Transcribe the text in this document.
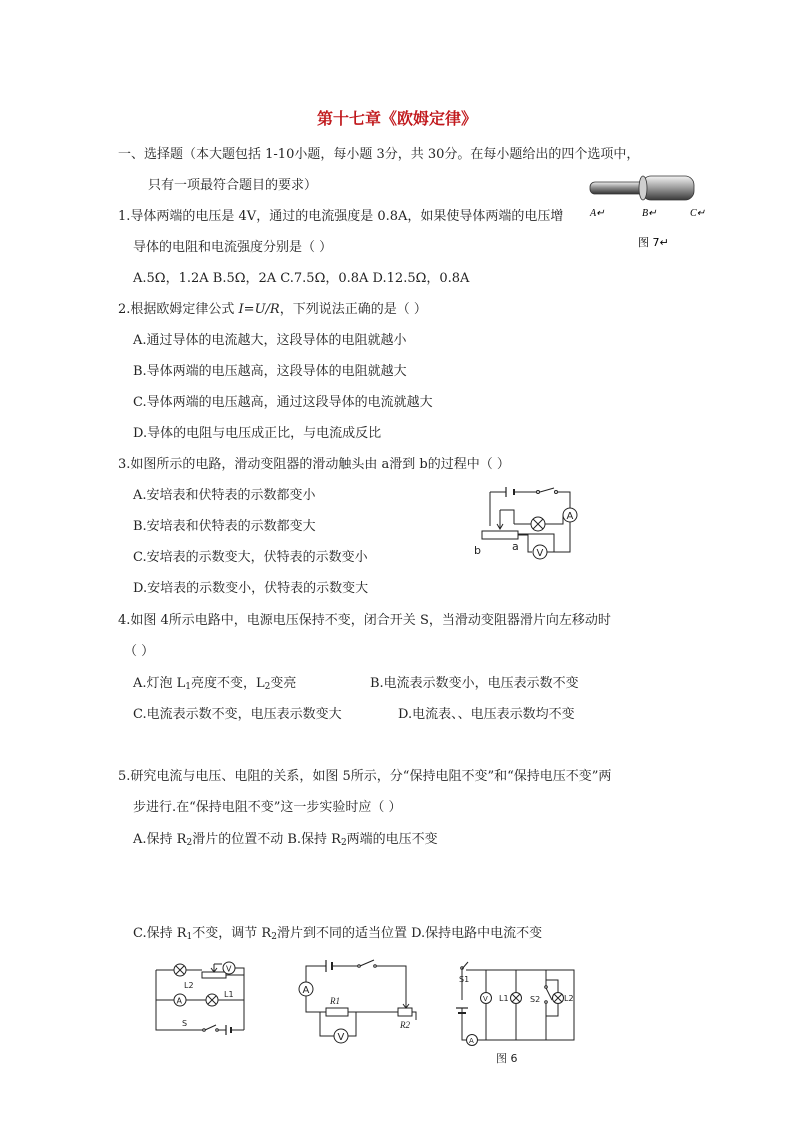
第十七章《欧姆定律》
一、选择题（本大题包括 1-10小题，每小题 3分，共 30分。在每小题给出的四个选项中，
只有一项最符合题目的要求）
A↵	B↵	C↵
图 7↵
1.导体两端的电压是 4V，通过的电流强度是 0.8A，如果使导体两端的电压增
导体的电阻和电流强度分别是（ ）
A.5Ω，1.2A B.5Ω，2A C.7.5Ω，0.8A D.12.5Ω，0.8A
2.根据欧姆定律公式 I=U/R，下列说法正确的是（ ）
A.通过导体的电流越大，这段导体的电阻就越小
B.导体两端的电压越高，这段导体的电阻就越大
C.导体两端的电压越高，通过这段导体的电流就越大
D.导体的电阻与电压成正比，与电流成反比
3.如图所示的电路，滑动变阻器的滑动触头由 a滑到 b的过程中（ ）
A.安培表和伏特表的示数都变小
B.安培表和伏特表的示数都变大
C.安培表的示数变大，伏特表的示数变小
D.安培表的示数变小，伏特表的示数变大
A
V
b	a
4.如图 4所示电路中，电源电压保持不变，闭合开关 S，当滑动变阻器滑片向左移动时
（ ）
A.灯泡 $L_1$亮度不变，$L_2$变亮	B.电流表示数变小，电压表示数不变
C.电流表示数不变，电压表示数变大	D.电流表、、电压表示数均不变
5.研究电流与电压、电阻的关系，如图 5所示，分“保持电阻不变”和“保持电压不变”两
步进行.在“保持电阻不变”这一步实验时应（ ）
A.保持 $R_2$滑片的位置不动 B.保持 $R_2$两端的电压不变
C.保持 $R_1$不变，调节 $R_2$滑片到不同的适当位置 D.保持电路中电流不变
V
L2
A
L1
S
A
R1
R2
V
S1
A
V L1	S2	L2
图 6
